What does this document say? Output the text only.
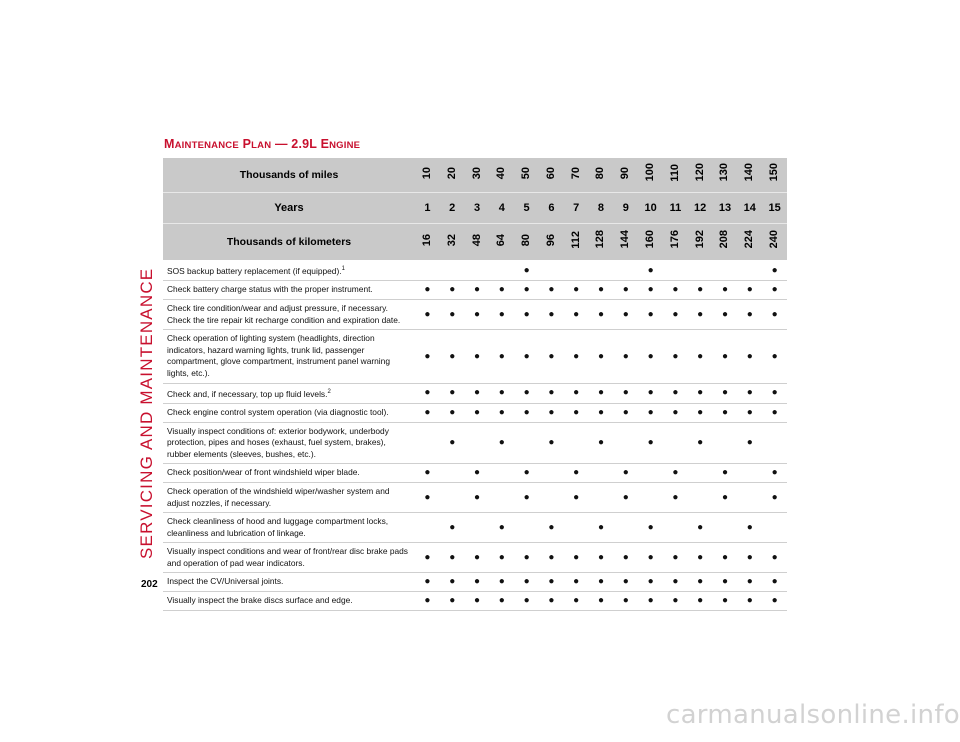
SERVICING AND MAINTENANCE
202
MAINTENANCE PLAN — 2.9L ENGINE
Thousands of miles	10	20	30	40	50	60	70	80	90	100	110	120	130	140	150
Years	1	2	3	4	5	6	7	8	9	10	11	12	13	14	15
Thousands of kilometers	16	32	48	64	80	96	112	128	144	160	176	192	208	224	240
SOS backup battery replacement (if equipped).$^1$					●					●					●
Check battery charge status with the proper instrument.	●	●	●	●	●	●	●	●	●	●	●	●	●	●	●
Check tire condition/wear and adjust pressure, if necessary. Check the tire repair kit recharge condition and expiration date.	●	●	●	●	●	●	●	●	●	●	●	●	●	●	●
Check operation of lighting system (headlights, direction indicators, hazard warning lights, trunk lid, passenger compartment, glove compartment, instrument panel warning lights, etc.).	●	●	●	●	●	●	●	●	●	●	●	●	●	●	●
Check and, if necessary, top up fluid levels.$^2$	●	●	●	●	●	●	●	●	●	●	●	●	●	●	●
Check engine control system operation (via diagnostic tool).	●	●	●	●	●	●	●	●	●	●	●	●	●	●	●
Visually inspect conditions of: exterior bodywork, underbody protection, pipes and hoses (exhaust, fuel system, brakes), rubber elements (sleeves, bushes, etc.).		●		●		●		●		●		●		●	
Check position/wear of front windshield wiper blade.	●		●		●		●		●		●		●		●
Check operation of the windshield wiper/washer system and adjust nozzles, if necessary.	●		●		●		●		●		●		●		●
Check cleanliness of hood and luggage compartment locks, cleanliness and lubrication of linkage.		●		●		●		●		●		●		●	
Visually inspect conditions and wear of front/rear disc brake pads and operation of pad wear indicators.	●	●	●	●	●	●	●	●	●	●	●	●	●	●	●
Inspect the CV/Universal joints.	●	●	●	●	●	●	●	●	●	●	●	●	●	●	●
Visually inspect the brake discs surface and edge.	●	●	●	●	●	●	●	●	●	●	●	●	●	●	●
carmanualsonline.info
